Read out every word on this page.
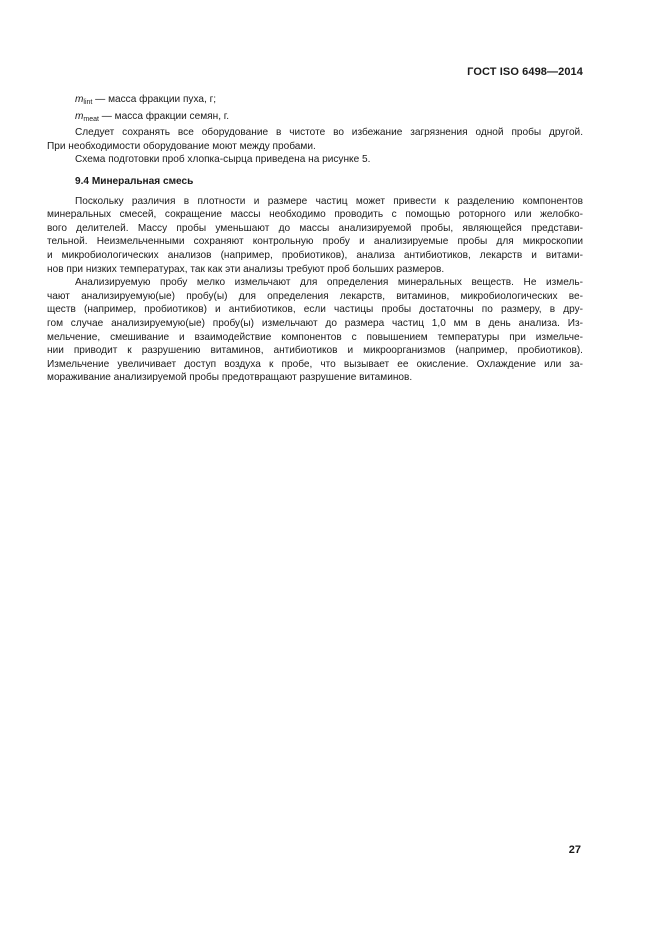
ГОСТ ISO 6498—2014
$m_{lint}$ — масса фракции пуха, г;
$m_{meat}$ — масса фракции семян, г.
Следует сохранять все оборудование в чистоте во избежание загрязнения одной пробы другой.
При необходимости оборудование моют между пробами.
Схема подготовки проб хлопка-сырца приведена на рисунке 5.
9.4 Минеральная смесь
Поскольку различия в плотности и размере частиц может привести к разделению компонентов
минеральных смесей, сокращение массы необходимо проводить с помощью роторного или желобко-
вого делителей. Массу пробы уменьшают до массы анализируемой пробы, являющейся представи-
тельной. Неизмельченными сохраняют контрольную пробу и анализируемые пробы для микроскопии
и микробиологических анализов (например, пробиотиков), анализа антибиотиков, лекарств и витами-
нов при низких температурах, так как эти анализы требуют проб больших размеров.
Анализируемую пробу мелко измельчают для определения минеральных веществ. Не измель-
чают анализируемую(ые) пробу(ы) для определения лекарств, витаминов, микробиологических ве-
ществ (например, пробиотиков) и антибиотиков, если частицы пробы достаточны по размеру, в дру-
гом случае анализируемую(ые) пробу(ы) измельчают до размера частиц 1,0 мм в день анализа. Из-
мельчение, смешивание и взаимодействие компонентов с повышением температуры при измельче-
нии приводит к разрушению витаминов, антибиотиков и микроорганизмов (например, пробиотиков).
Измельчение увеличивает доступ воздуха к пробе, что вызывает ее окисление. Охлаждение или за-
мораживание анализируемой пробы предотвращают разрушение витаминов.
27
